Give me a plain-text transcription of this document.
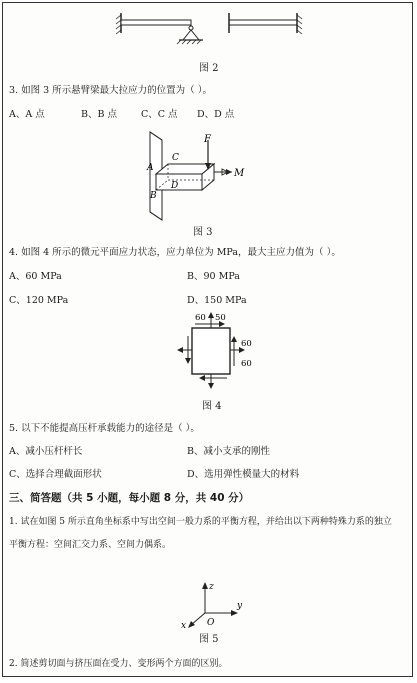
图 2
3. 如图 3 所示悬臂梁最大拉应力的位置为（ ）。
A、A 点	B、B 点	C、C 点 D、D 点
F
M
A
B
C
D
图 3
4. 如图 4 所示的微元平面应力状态，应力单位为 MPa，最大主应力值为（ ）。
A、60 MPa	B、90 MPa
C、120 MPa	D、150 MPa
60 50
60
60
图 4
5. 以下不能提高压杆承载能力的途径是（ ）。
A、减小压杆杆长	B、减小支承的刚性
C、选择合理截面形状	D、选用弹性模量大的材料
三、简答题（共 5 小题，每小题 8 分，共 40 分）
1. 试在如图 5 所示直角坐标系中写出空间一般力系的平衡方程，并给出以下两种特殊力系的独立
平衡方程：空间汇交力系、空间力偶系。
z
y
x O
图 5
2. 简述剪切面与挤压面在受力、变形两个方面的区别。
